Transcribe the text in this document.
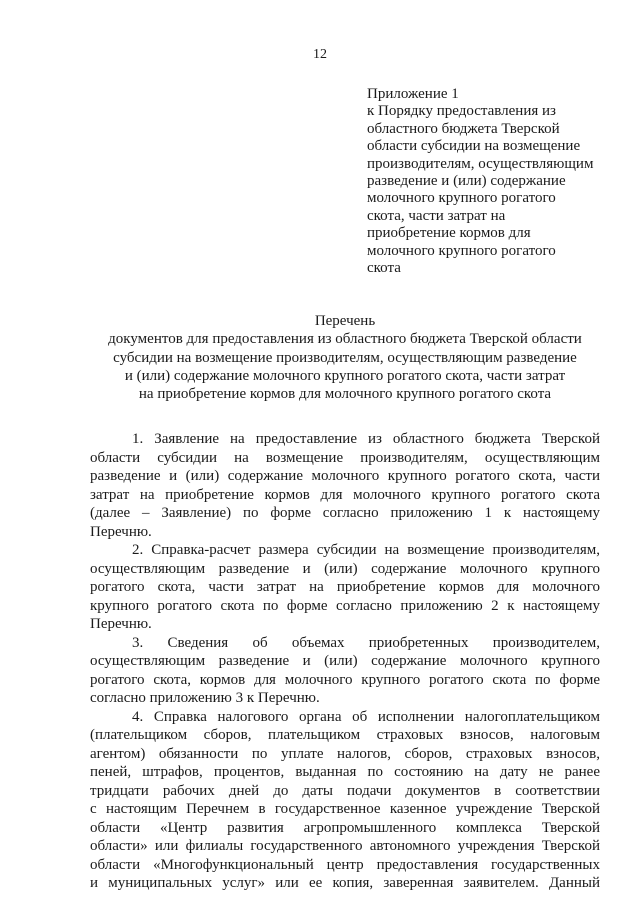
12
Приложение 1
к Порядку предоставления из
областного бюджета Тверской
области субсидии на возмещение
производителям, осуществляющим
разведение и (или) содержание
молочного крупного рогатого
скота, части затрат на
приобретение кормов для
молочного крупного рогатого
скота
Перечень
документов для предоставления из областного бюджета Тверской области
субсидии на возмещение производителям, осуществляющим разведение
и (или) содержание молочного крупного рогатого скота, части затрат
на приобретение кормов для молочного крупного рогатого скота
1. Заявление на предоставление из областного бюджета Тверской
области субсидии на возмещение производителям, осуществляющим
разведение и (или) содержание молочного крупного рогатого скота, части
затрат на приобретение кормов для молочного крупного рогатого скота
(далее – Заявление) по форме согласно приложению 1 к настоящему
Перечню.
2. Справка-расчет размера субсидии на возмещение производителям,
осуществляющим разведение и (или) содержание молочного крупного
рогатого скота, части затрат на приобретение кормов для молочного
крупного рогатого скота по форме согласно приложению 2 к настоящему
Перечню.
3. Сведения об объемах приобретенных производителем,
осуществляющим разведение и (или) содержание молочного крупного
рогатого скота, кормов для молочного крупного рогатого скота по форме
согласно приложению 3 к Перечню.
4. Справка налогового органа об исполнении налогоплательщиком
(плательщиком сборов, плательщиком страховых взносов, налоговым
агентом) обязанности по уплате налогов, сборов, страховых взносов,
пеней, штрафов, процентов, выданная по состоянию на дату не ранее
тридцати рабочих дней до даты подачи документов в соответствии
с настоящим Перечнем в государственное казенное учреждение Тверской
области «Центр развития агропромышленного комплекса Тверской
области» или филиалы государственного автономного учреждения Тверской
области «Многофункциональный центр предоставления государственных
и муниципальных услуг» или ее копия, заверенная заявителем. Данный
